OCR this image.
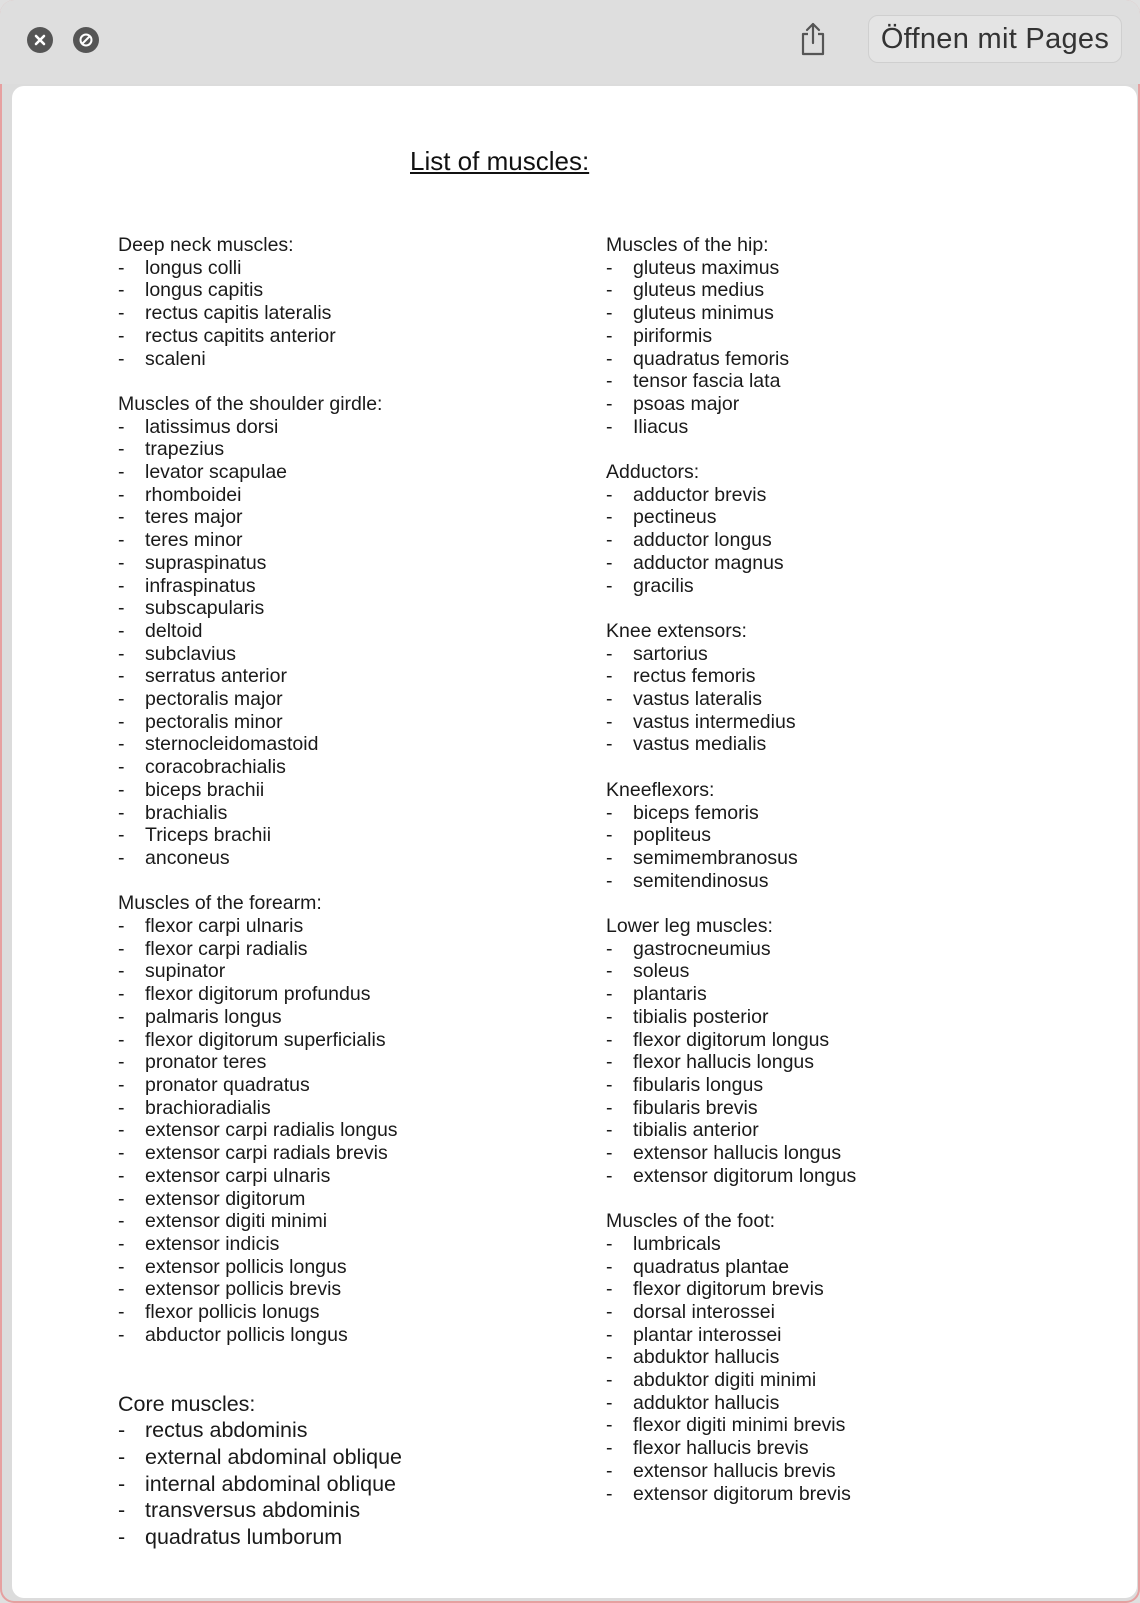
Öffnen mit Pages
List of muscles:
Deep neck muscles:
- longus colli
- longus capitis
- rectus capitis lateralis
- rectus capitits anterior
- scaleni
Muscles of the shoulder girdle:
- latissimus dorsi
- trapezius
- levator scapulae
- rhomboidei
- teres major
- teres minor
- supraspinatus
- infraspinatus
- subscapularis
- deltoid
- subclavius
- serratus anterior
- pectoralis major
- pectoralis minor
- sternocleidomastoid
- coracobrachialis
- biceps brachii
- brachialis
- Triceps brachii
- anconeus
Muscles of the forearm:
- flexor carpi ulnaris
- flexor carpi radialis
- supinator
- flexor digitorum profundus
- palmaris longus
- flexor digitorum superficialis
- pronator teres
- pronator quadratus
- brachioradialis
- extensor carpi radialis longus
- extensor carpi radials brevis
- extensor carpi ulnaris
- extensor digitorum
- extensor digiti minimi
- extensor indicis
- extensor pollicis longus
- extensor pollicis brevis
- flexor pollicis lonugs
- abductor pollicis longus
Core muscles:
- rectus abdominis
- external abdominal oblique
- internal abdominal oblique
- transversus abdominis
- quadratus lumborum
Muscles of the hip:
- gluteus maximus
- gluteus medius
- gluteus minimus
- piriformis
- quadratus femoris
- tensor fascia lata
- psoas major
- Iliacus
Adductors:
- adductor brevis
- pectineus
- adductor longus
- adductor magnus
- gracilis
Knee extensors:
- sartorius
- rectus femoris
- vastus lateralis
- vastus intermedius
- vastus medialis
Kneeflexors:
- biceps femoris
- popliteus
- semimembranosus
- semitendinosus
Lower leg muscles:
- gastrocneumius
- soleus
- plantaris
- tibialis posterior
- flexor digitorum longus
- flexor hallucis longus
- fibularis longus
- fibularis brevis
- tibialis anterior
- extensor hallucis longus
- extensor digitorum longus
Muscles of the foot:
- lumbricals
- quadratus plantae
- flexor digitorum brevis
- dorsal interossei
- plantar interossei
- abduktor hallucis
- abduktor digiti minimi
- adduktor hallucis
- flexor digiti minimi brevis
- flexor hallucis brevis
- extensor hallucis brevis
- extensor digitorum brevis
